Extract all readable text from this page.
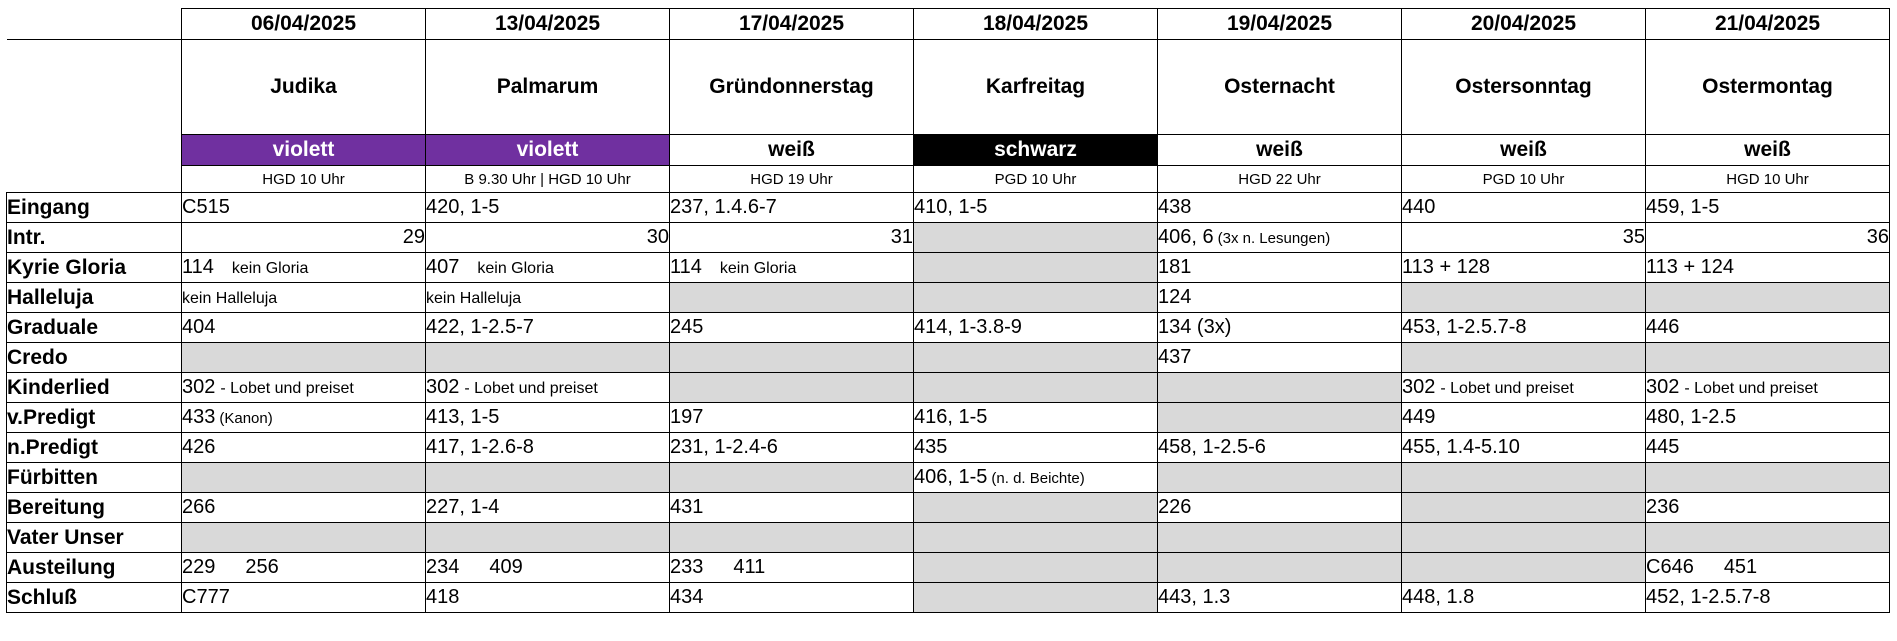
	06/04/2025	13/04/2025	17/04/2025	18/04/2025	19/04/2025	20/04/2025	21/04/2025
	Judika	Palmarum	Gründonnerstag	Karfreitag	Osternacht	Ostersonntag	Ostermontag
	violett	violett	weiß	schwarz	weiß	weiß	weiß
	HGD 10 Uhr	B 9.30 Uhr | HGD 10 Uhr	HGD 19 Uhr	PGD 10 Uhr	HGD 22 Uhr	PGD 10 Uhr	HGD 10 Uhr
Eingang	C515	420, 1-5	237, 1.4.6-7	410, 1-5	438	440	459, 1-5
Intr.	29	30	31		406, 6 (3x n. Lesungen)	35	36
Kyrie Gloria	114 kein Gloria	407 kein Gloria	114 kein Gloria		181	113 + 128	113 + 124
Halleluja	kein Halleluja	kein Halleluja			124		
Graduale	404	422, 1-2.5-7	245	414, 1-3.8-9	134 (3x)	453, 1-2.5.7-8	446
Credo					437		
Kinderlied	302 - Lobet und preiset	302 - Lobet und preiset				302 - Lobet und preiset	302 - Lobet und preiset
v.Predigt	433 (Kanon)	413, 1-5	197	416, 1-5		449	480, 1-2.5
n.Predigt	426	417, 1-2.6-8	231, 1-2.4-6	435	458, 1-2.5-6	455, 1.4-5.10	445
Fürbitten				406, 1-5 (n. d. Beichte)			
Bereitung	266	227, 1-4	431		226		236
Vater Unser							
Austeilung	229 256	234 409	233 411				C646 451
Schluß	C777	418	434		443, 1.3	448, 1.8	452, 1-2.5.7-8
